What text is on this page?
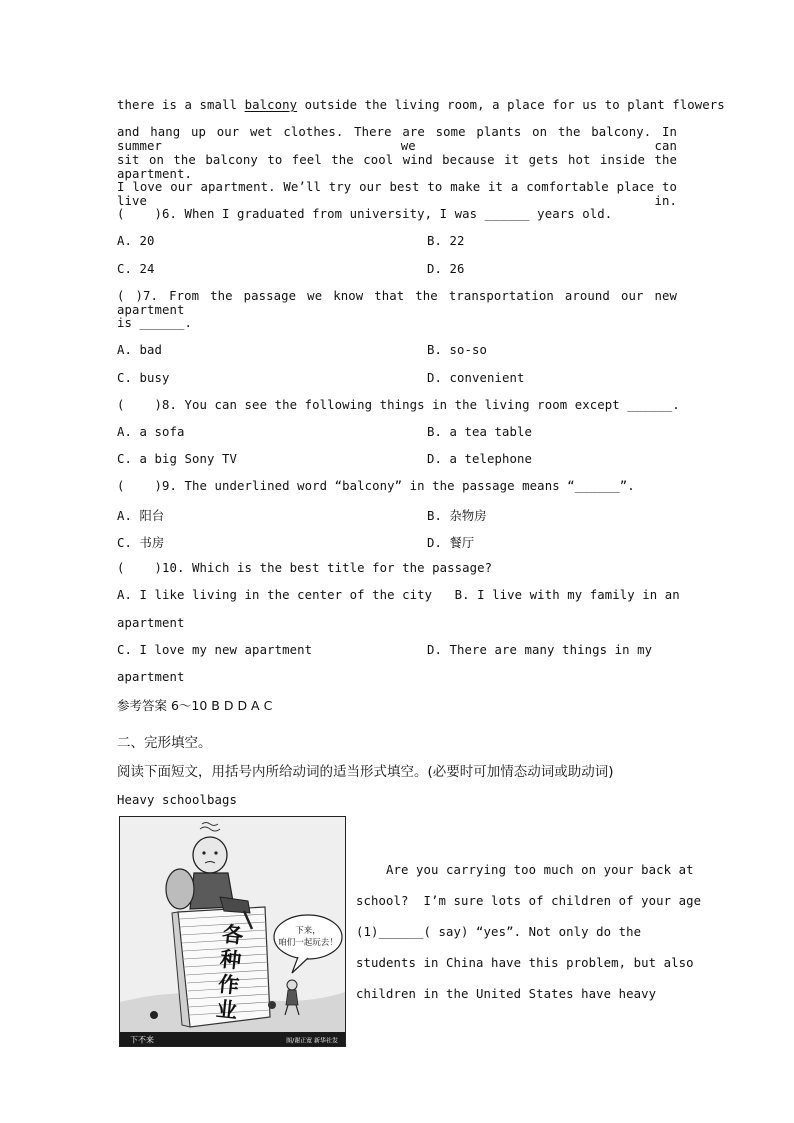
there is a small balcony outside the living room, a place for us to plant flowers
and hang up our wet clothes. There are some plants on the balcony. In summer we can
sit on the balcony to feel the cool wind because it gets hot inside the apartment.
I love our apartment. We’ll try our best to make it a comfortable place to live in.
(    )6. When I graduated from university, I was ______ years old.
A. 20	B. 22
C. 24	D. 26
( )7. From the passage we know that the transportation around our new apartment
is ______.
A. bad	B. so-so
C. busy	D. convenient
(    )8. You can see the following things in the living room except ______.
A. a sofa	B. a tea table
C. a big Sony TV	D. a telephone
(    )9. The underlined word “balcony” in the passage means “______”.
A. 阳台	B. 杂物房
C. 书房	D. 餐厅
(    )10. Which is the best title for the passage?
A. I like living in the center of the city   B. I live with my family in an
apartment
C. I love my new apartment	D. There are many things in my
apartment
参考答案 6～10 B D D A C
二、完形填空。
阅读下面短文，用括号内所给动词的适当形式填空。(必要时可加情态动词或助动词)
Heavy schoolbags
各
种
作
业
下来，
咱们一起玩去！
下不来	图/谢正宽 新华社发
Are you carrying too much on your back at
school?  I’m sure lots of children of your age
(1)______( say) “yes”. Not only do the
students in China have this problem, but also
children in the United States have heavy
